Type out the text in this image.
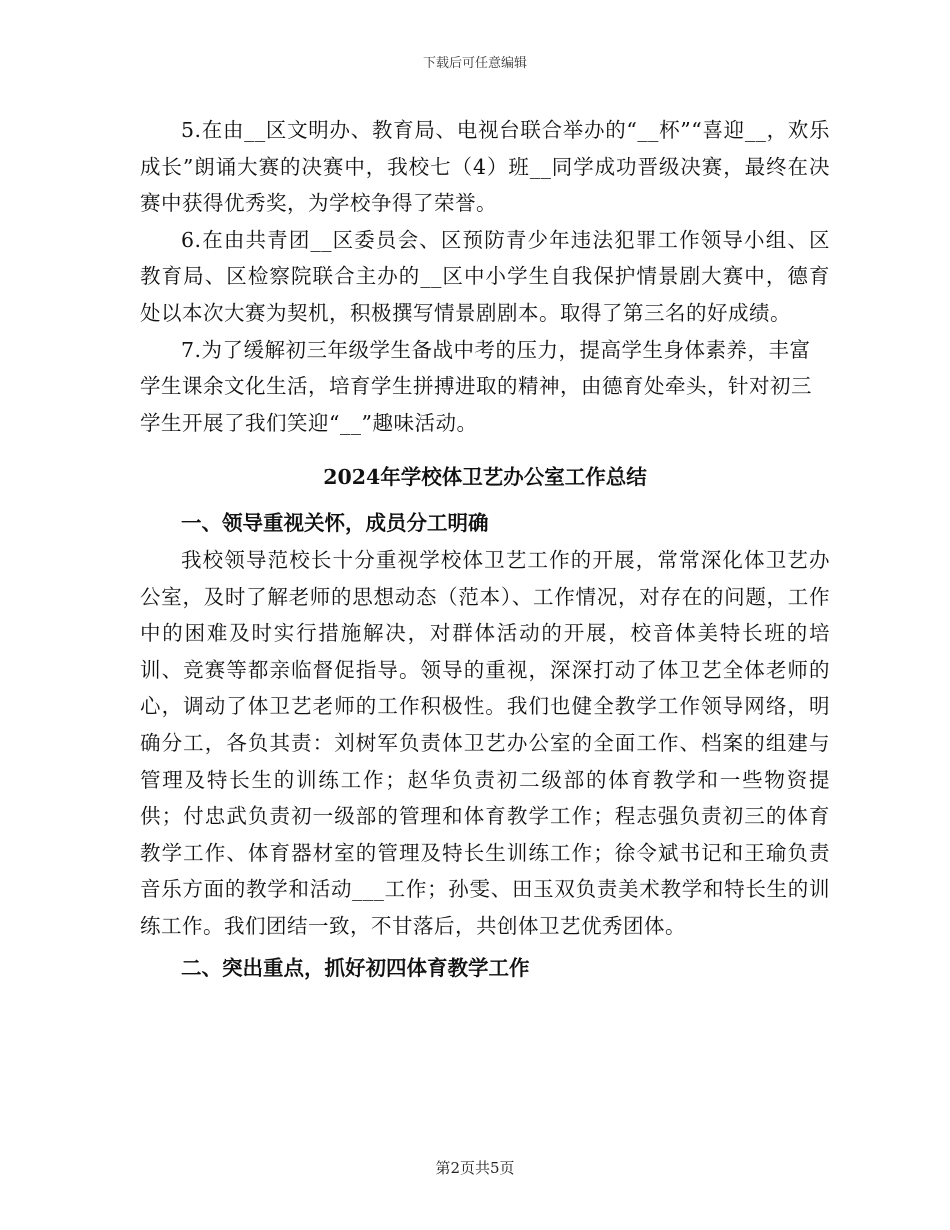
下载后可任意编辑

5.在由__区文明办、教育局、电视台联合举办的“__杯”“喜迎__，欢乐成长”朗诵大赛的决赛中，我校七（4）班__同学成功晋级决赛，最终在决赛中获得优秀奖，为学校争得了荣誉。

6.在由共青团__区委员会、区预防青少年违法犯罪工作领导小组、区教育局、区检察院联合主办的__区中小学生自我保护情景剧大赛中，德育处以本次大赛为契机，积极撰写情景剧剧本。取得了第三名的好成绩。

7.为了缓解初三年级学生备战中考的压力，提高学生身体素养，丰富学生课余文化生活，培育学生拼搏进取的精神，由德育处牵头，针对初三学生开展了我们笑迎“__”趣味活动。

2024年学校体卫艺办公室工作总结

一、领导重视关怀，成员分工明确

我校领导范校长十分重视学校体卫艺工作的开展，常常深化体卫艺办公室，及时了解老师的思想动态（范本）、工作情况，对存在的问题，工作中的困难及时实行措施解决，对群体活动的开展，校音体美特长班的培训、竞赛等都亲临督促指导。领导的重视，深深打动了体卫艺全体老师的心，调动了体卫艺老师的工作积极性。我们也健全教学工作领导网络，明确分工，各负其责：刘树军负责体卫艺办公室的全面工作、档案的组建与管理及特长生的训练工作；赵华负责初二级部的体育教学和一些物资提供；付忠武负责初一级部的管理和体育教学工作；程志强负责初三的体育教学工作、体育器材室的管理及特长生训练工作；徐令斌书记和王瑜负责音乐方面的教学和活动___工作；孙雯、田玉双负责美术教学和特长生的训练工作。我们团结一致，不甘落后，共创体卫艺优秀团体。

二、突出重点，抓好初四体育教学工作

第2页共5页
